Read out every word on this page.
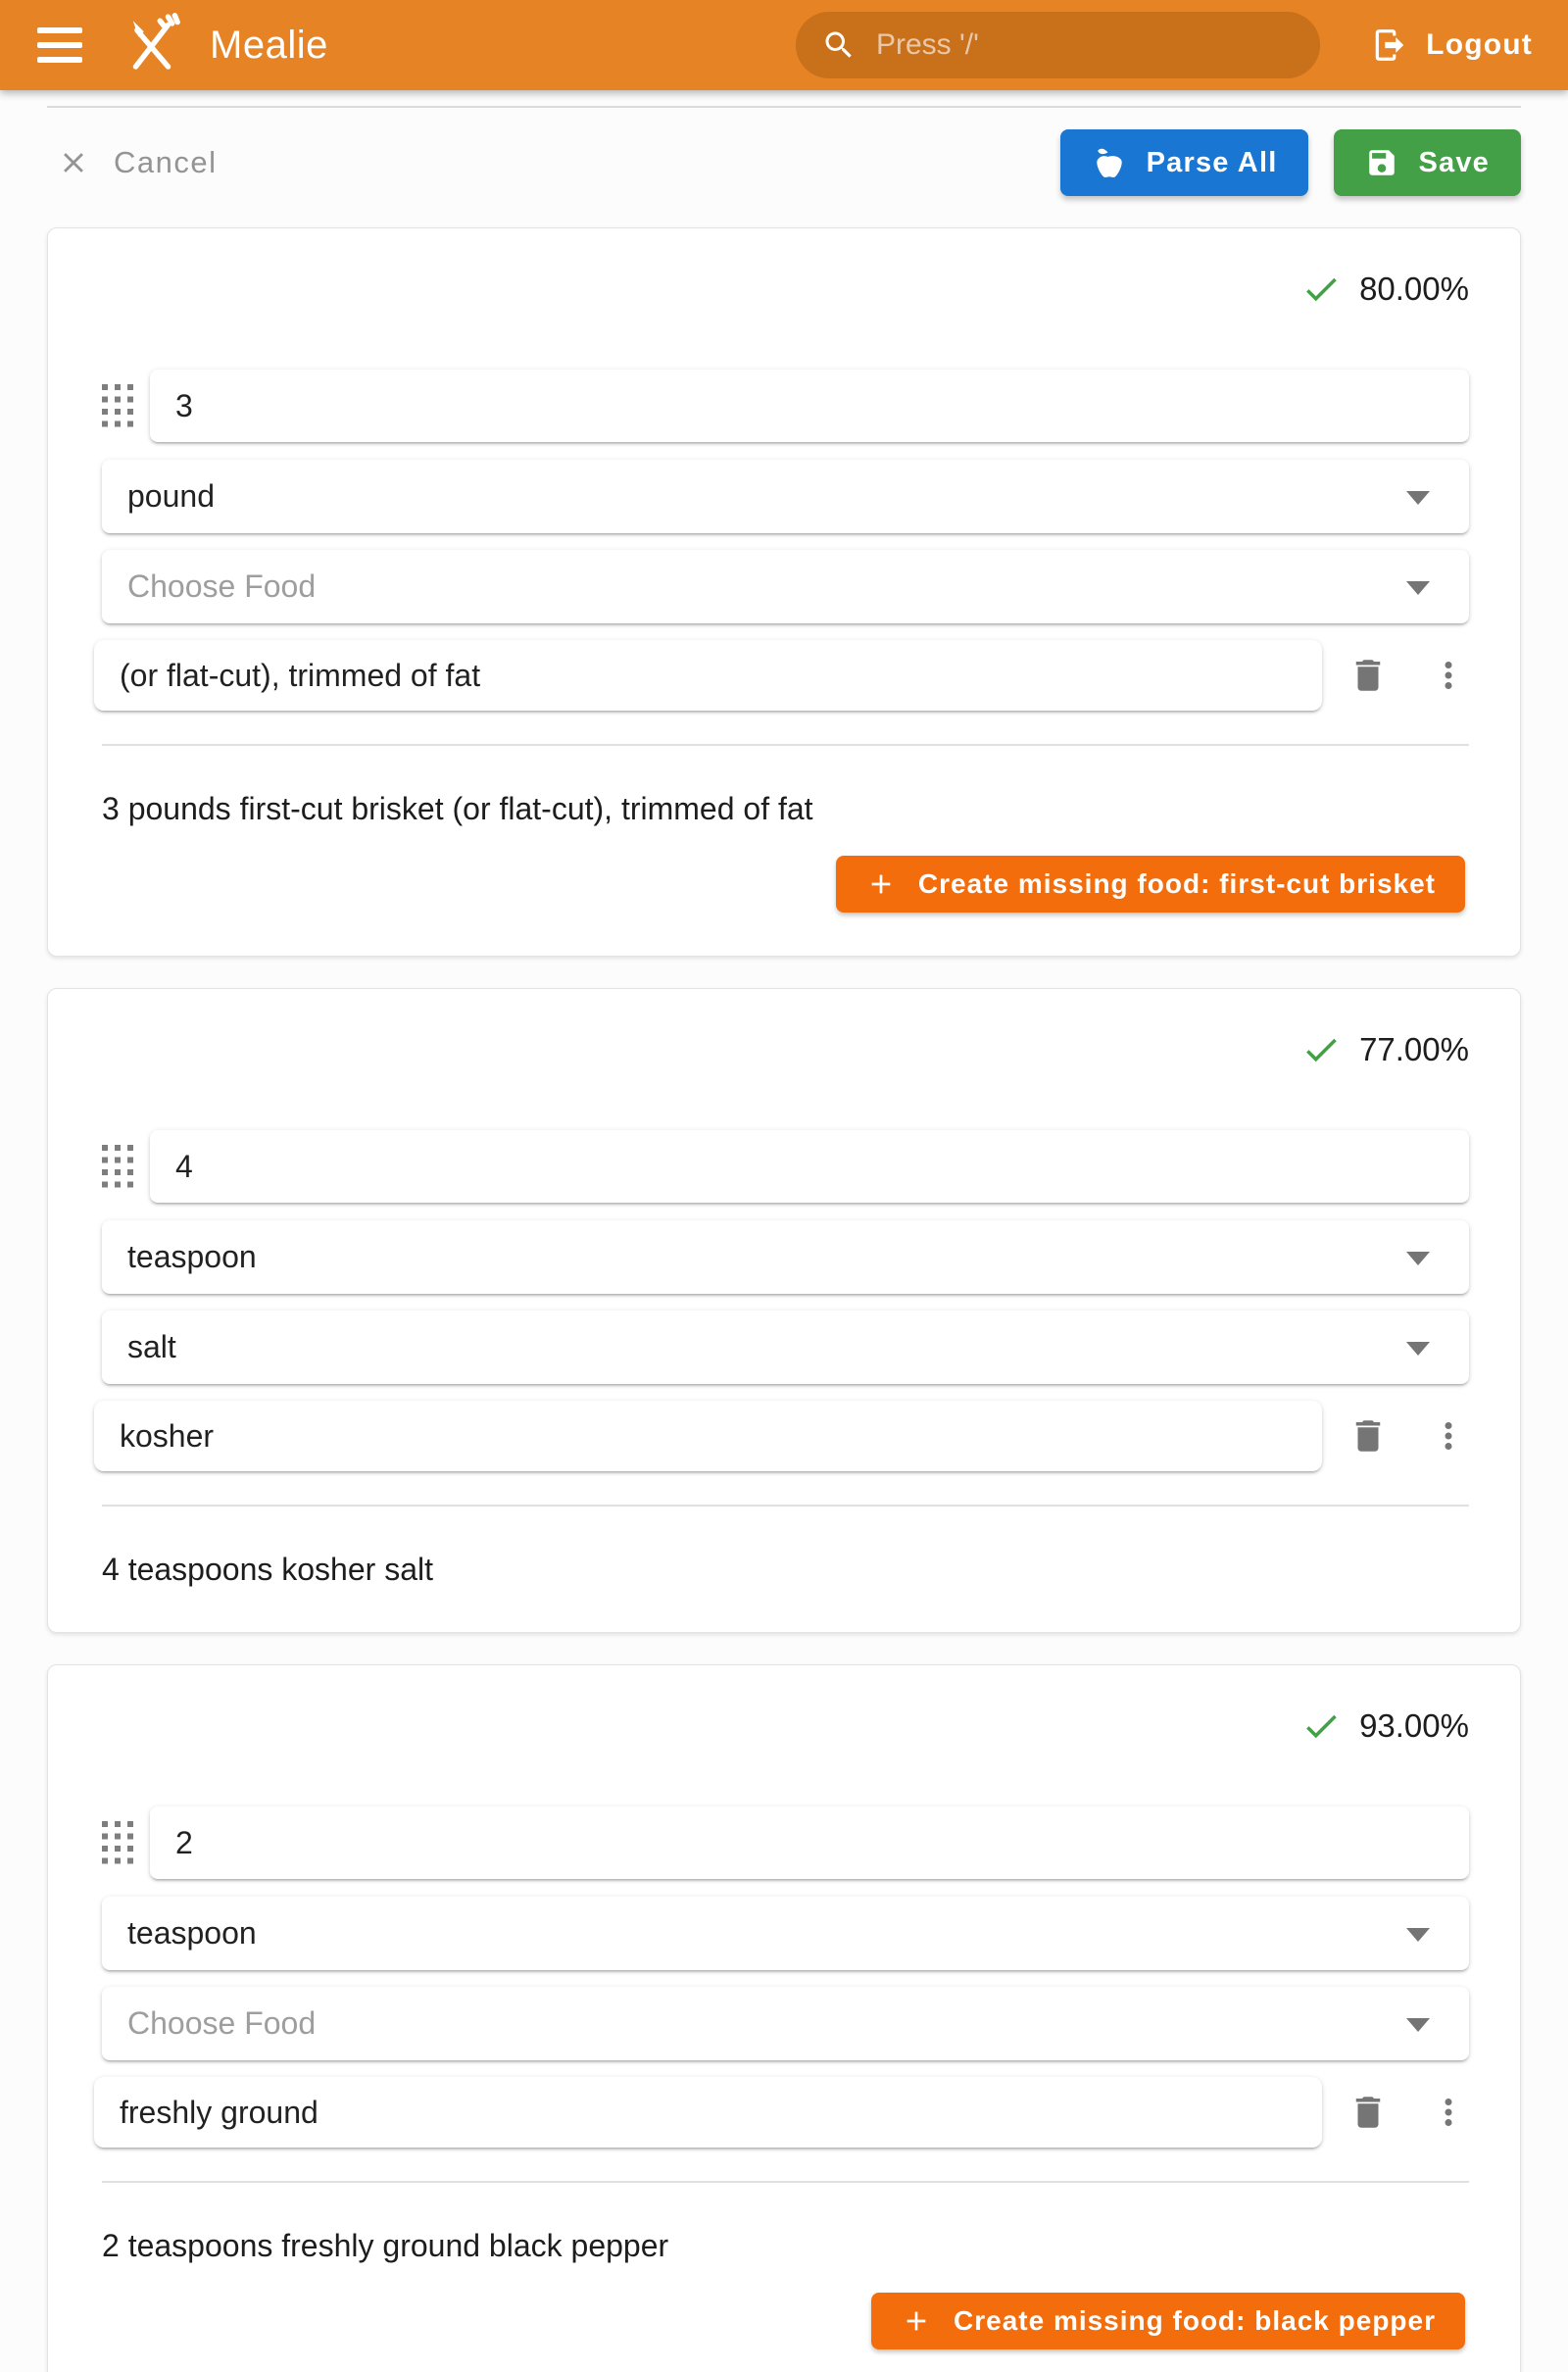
Mealie	Press '/'	Logout
Cancel	Parse All	Save
80.00%
3
pound
Choose Food
(or flat-cut), trimmed of fat

3 pounds first-cut brisket (or flat-cut), trimmed of fat

Create missing food: first-cut brisket
77.00%
4
teaspoon
salt
kosher

4 teaspoons kosher salt

93.00%
2
teaspoon
Choose Food
freshly ground

2 teaspoons freshly ground black pepper

Create missing food: black pepper
